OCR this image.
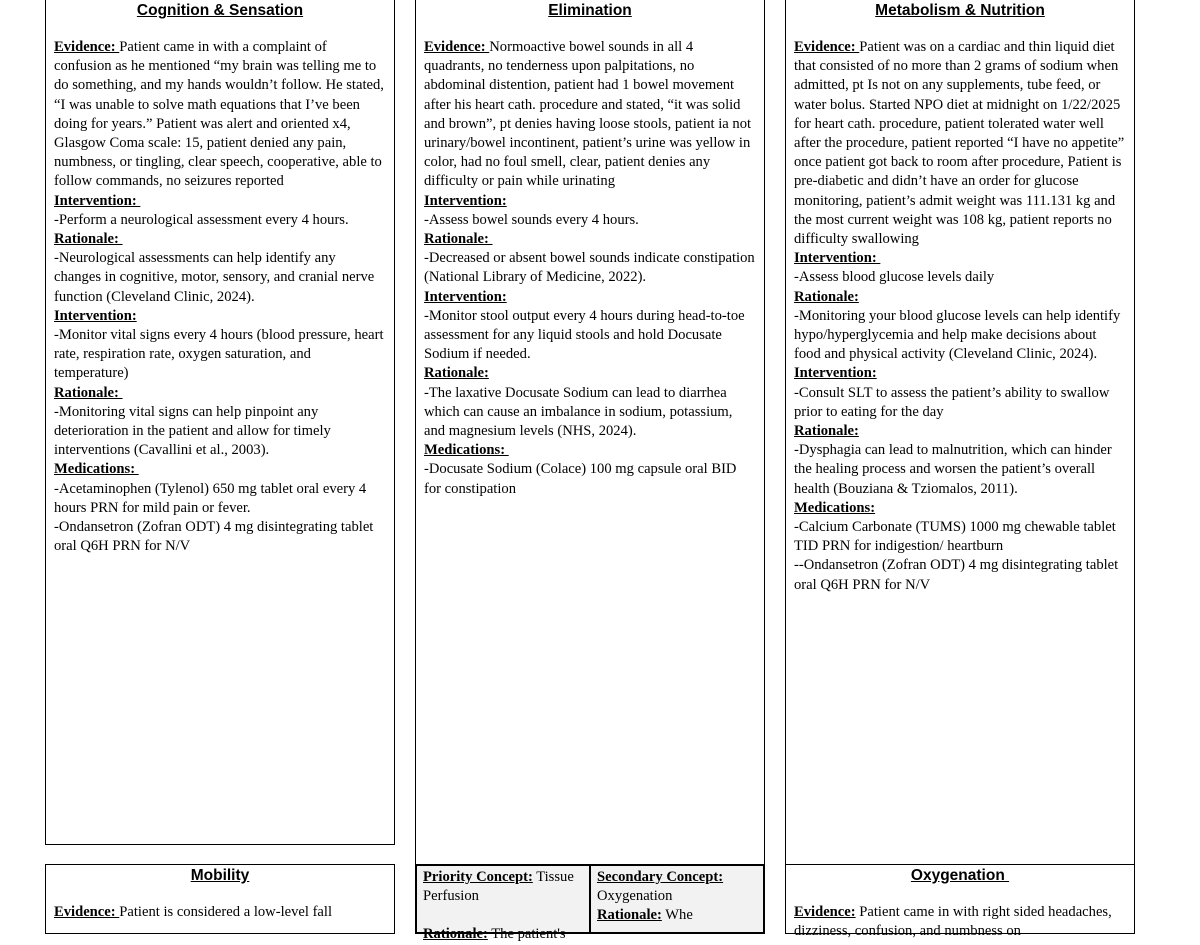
Cognition & Sensation

Evidence: Patient came in with a complaint of confusion as he mentioned “my brain was telling me to do something, and my hands wouldn’t follow. He stated, “I was unable to solve math equations that I’ve been doing for years.” Patient was alert and oriented x4, Glasgow Coma scale: 15, patient denied any pain, numbness, or tingling, clear speech, cooperative, able to follow commands, no seizures reported

Intervention:

-Perform a neurological assessment every 4 hours.

Rationale:

-Neurological assessments can help identify any changes in cognitive, motor, sensory, and cranial nerve function (Cleveland Clinic, 2024).

Intervention:

-Monitor vital signs every 4 hours (blood pressure, heart rate, respiration rate, oxygen saturation, and temperature)

Rationale:

-Monitoring vital signs can help pinpoint any deterioration in the patient and allow for timely interventions (Cavallini et al., 2003).

Medications:

-Acetaminophen (Tylenol) 650 mg tablet oral every 4 hours PRN for mild pain or fever.

-Ondansetron (Zofran ODT) 4 mg disintegrating tablet oral Q6H PRN for N/V

Elimination

Evidence: Normoactive bowel sounds in all 4 quadrants, no tenderness upon palpitations, no abdominal distention, patient had 1 bowel movement after his heart cath. procedure and stated, “it was solid and brown”, pt denies having loose stools, patient ia not urinary/bowel incontinent, patient’s urine was yellow in color, had no foul smell, clear, patient denies any difficulty or pain while urinating

Intervention:

-Assess bowel sounds every 4 hours.

Rationale:

-Decreased or absent bowel sounds indicate constipation (National Library of Medicine, 2022).

Intervention:

-Monitor stool output every 4 hours during head-to-toe assessment for any liquid stools and hold Docusate Sodium if needed.

Rationale:

-The laxative Docusate Sodium can lead to diarrhea which can cause an imbalance in sodium, potassium, and magnesium levels (NHS, 2024).

Medications:

-Docusate Sodium (Colace) 100 mg capsule oral BID for constipation

Metabolism & Nutrition

Evidence: Patient was on a cardiac and thin liquid diet that consisted of no more than 2 grams of sodium when admitted, pt Is not on any supplements, tube feed, or water bolus. Started NPO diet at midnight on 1/22/2025 for heart cath. procedure, patient tolerated water well after the procedure, patient reported “I have no appetite” once patient got back to room after procedure, Patient is pre-diabetic and didn’t have an order for glucose monitoring, patient’s admit weight was 111.131 kg and the most current weight was 108 kg, patient reports no difficulty swallowing

Intervention:

-Assess blood glucose levels daily

Rationale:

-Monitoring your blood glucose levels can help identify hypo/hyperglycemia and help make decisions about food and physical activity (Cleveland Clinic, 2024).

Intervention:

-Consult SLT to assess the patient’s ability to swallow prior to eating for the day

Rationale:

-Dysphagia can lead to malnutrition, which can hinder the healing process and worsen the patient’s overall health (Bouziana & Tziomalos, 2011).

Medications:

-Calcium Carbonate (TUMS) 1000 mg chewable tablet TID PRN for indigestion/ heartburn

--Ondansetron (Zofran ODT) 4 mg disintegrating tablet oral Q6H PRN for N/V

Mobility

Evidence: Patient is considered a low-level fall

Priority Concept: Tissue Perfusion

Rationale: The patient's

Secondary Concept:
Oxygenation

Rationale: Whe

Oxygenation

Evidence: Patient came in with right sided headaches, dizziness, confusion, and numbness on
